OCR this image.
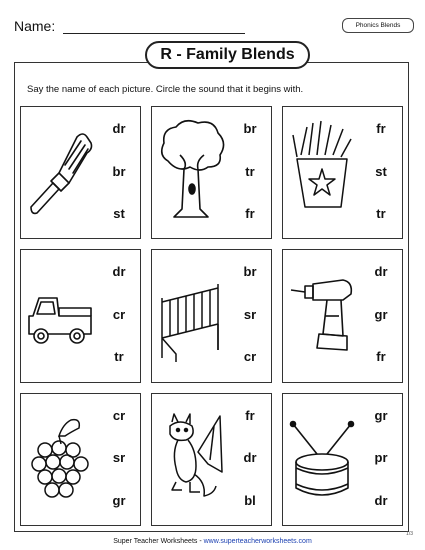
Name:	Phonics Blends
R - Family Blends
Say the name of each picture. Circle the sound that it begins with.
dr
br
st
br
tr
fr
fr
st
tr
dr
cr
tr
br
sr
cr
dr
gr
fr
cr
sr
gr
fr
dr
bl
gr
pr
dr
Super Teacher Worksheets - www.superteacherworksheets.com
1/3
